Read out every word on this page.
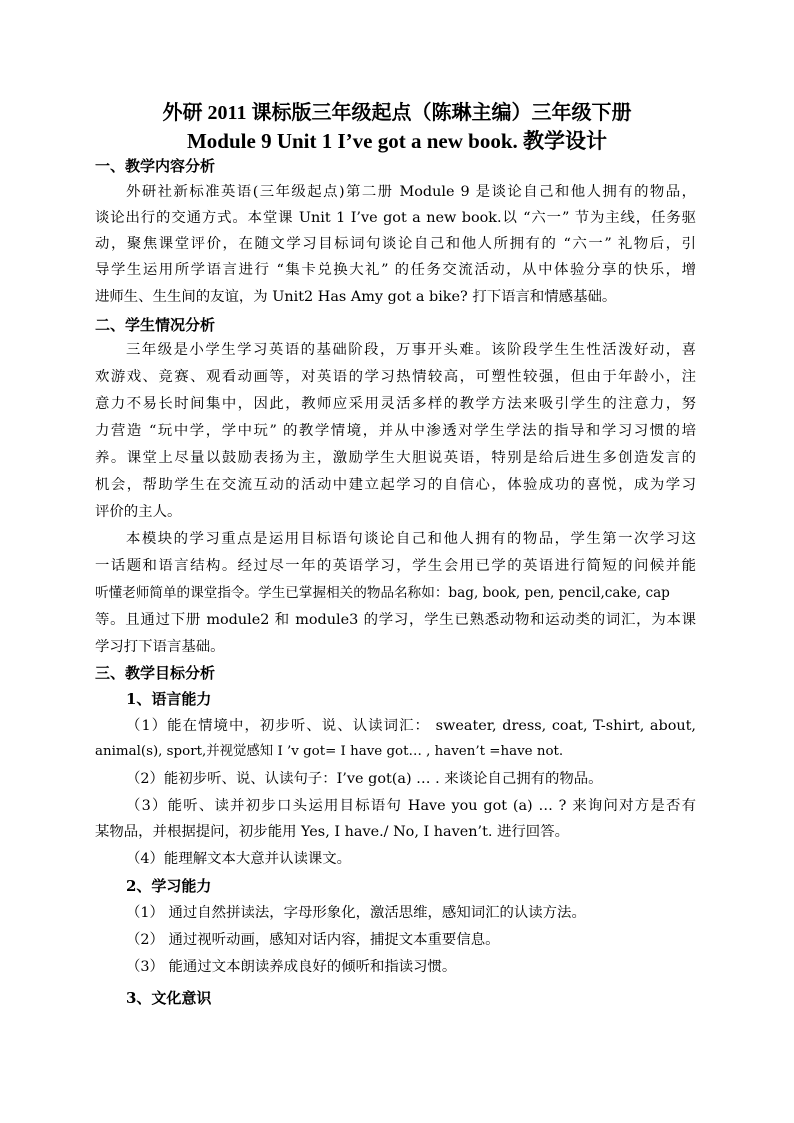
外研 2011 课标版三年级起点（陈琳主编）三年级下册
Module 9 Unit 1 I’ve got a new book. 教学设计
一、教学内容分析
外研社新标准英语(三年级起点)第二册 Module 9 是谈论自己和他人拥有的物品，
谈论出行的交通方式。本堂课 Unit 1 I’ve got a new book.以 “六一” 节为主线，任务驱
动，聚焦课堂评价，在随文学习目标词句谈论自己和他人所拥有的 “六一” 礼物后，引
导学生运用所学语言进行 “集卡兑换大礼” 的任务交流活动，从中体验分享的快乐，增
进师生、生生间的友谊，为 Unit2 Has Amy got a bike? 打下语言和情感基础。
二、学生情况分析
三年级是小学生学习英语的基础阶段，万事开头难。该阶段学生生性活泼好动，喜
欢游戏、竞赛、观看动画等，对英语的学习热情较高，可塑性较强，但由于年龄小，注
意力不易长时间集中，因此，教师应采用灵活多样的教学方法来吸引学生的注意力，努
力营造 “玩中学，学中玩” 的教学情境，并从中渗透对学生学法的指导和学习习惯的培
养。课堂上尽量以鼓励表扬为主，激励学生大胆说英语，特别是给后进生多创造发言的
机会，帮助学生在交流互动的活动中建立起学习的自信心，体验成功的喜悦，成为学习
评价的主人。
本模块的学习重点是运用目标语句谈论自己和他人拥有的物品，学生第一次学习这
一话题和语言结构。经过尽一年的英语学习，学生会用已学的英语进行简短的问候并能
听懂老师简单的课堂指令。学生已掌握相关的物品名称如：bag, book, pen, pencil,cake, cap
等。且通过下册 module2 和 module3 的学习，学生已熟悉动物和运动类的词汇，为本课
学习打下语言基础。
三、教学目标分析
1、语言能力
（1）能在情境中，初步听、说、认读词汇： sweater, dress, coat, T-shirt, about,
animal(s), sport,并视觉感知 I ’v got= I have got… , haven’t =have not.
（2）能初步听、说、认读句子：I’ve got(a) … . 来谈论自己拥有的物品。
（3）能听、读并初步口头运用目标语句 Have you got (a) … ? 来询问对方是否有
某物品，并根据提问，初步能用 Yes, I have./ No, I haven’t. 进行回答。
（4）能理解文本大意并认读课文。
2、学习能力
（1） 通过自然拼读法，字母形象化，激活思维，感知词汇的认读方法。
（2） 通过视听动画，感知对话内容，捕捉文本重要信息。
（3） 能通过文本朗读养成良好的倾听和指读习惯。
3、文化意识
